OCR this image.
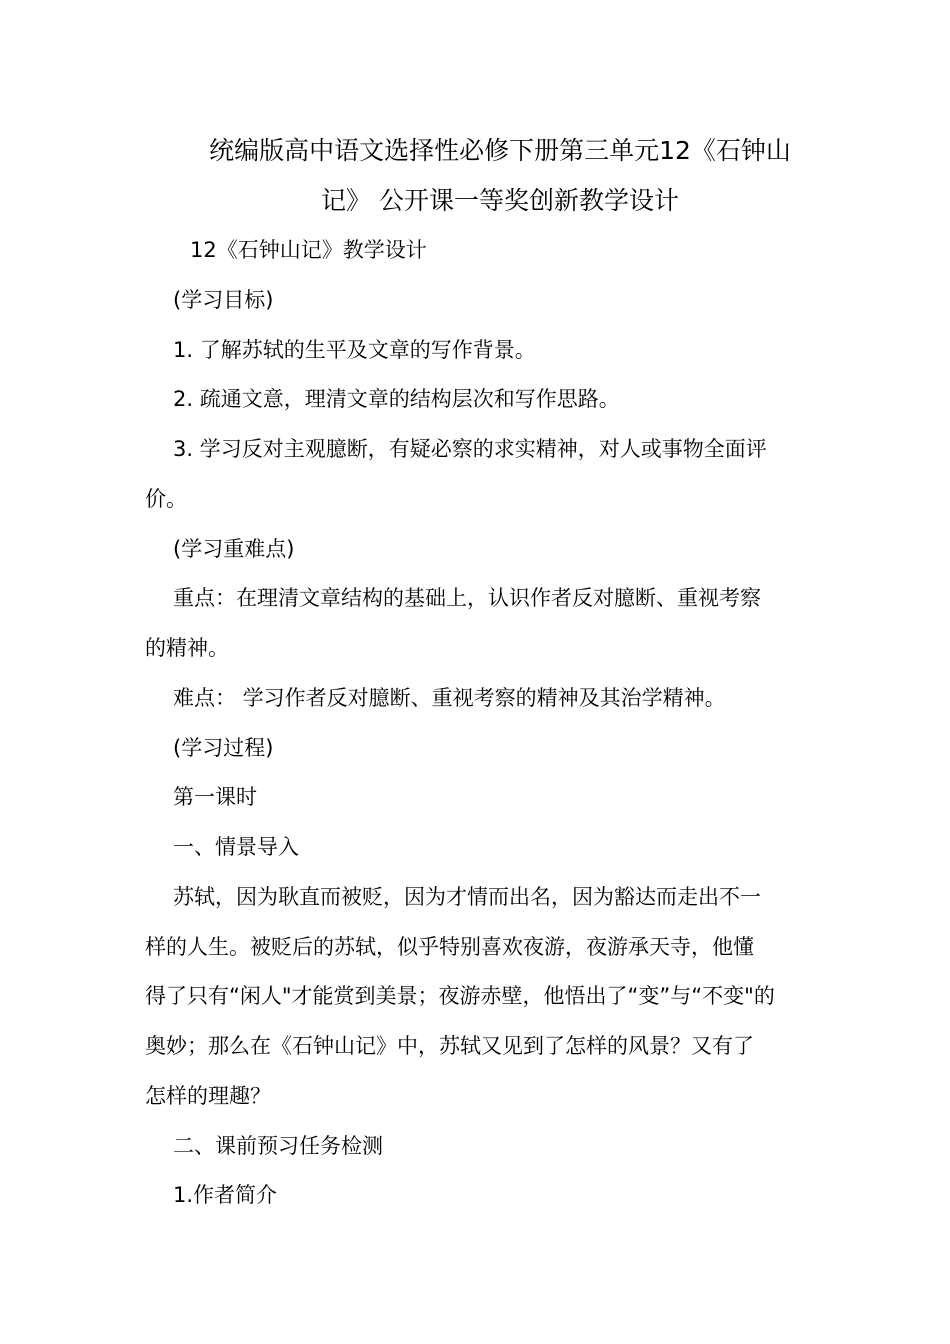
统编版高中语文选择性必修下册第三单元12《石钟山
记》 公开课一等奖创新教学设计
12《石钟山记》教学设计
(学习目标)
1. 了解苏轼的生平及文章的写作背景。
2. 疏通文意，理清文章的结构层次和写作思路。
3. 学习反对主观臆断，有疑必察的求实精神，对人或事物全面评
价。
(学习重难点)
重点：在理清文章结构的基础上，认识作者反对臆断、重视考察
的精神。
难点： 学习作者反对臆断、重视考察的精神及其治学精神。
(学习过程)
第一课时
一、情景导入
苏轼，因为耿直而被贬，因为才情而出名，因为豁达而走出不一
样的人生。被贬后的苏轼，似乎特别喜欢夜游，夜游承天寺，他懂
得了只有“闲人"才能赏到美景；夜游赤壁，他悟出了“变”与“不变"的
奥妙；那么在《石钟山记》中，苏轼又见到了怎样的风景？又有了
怎样的理趣？
二、课前预习任务检测
1.作者简介
